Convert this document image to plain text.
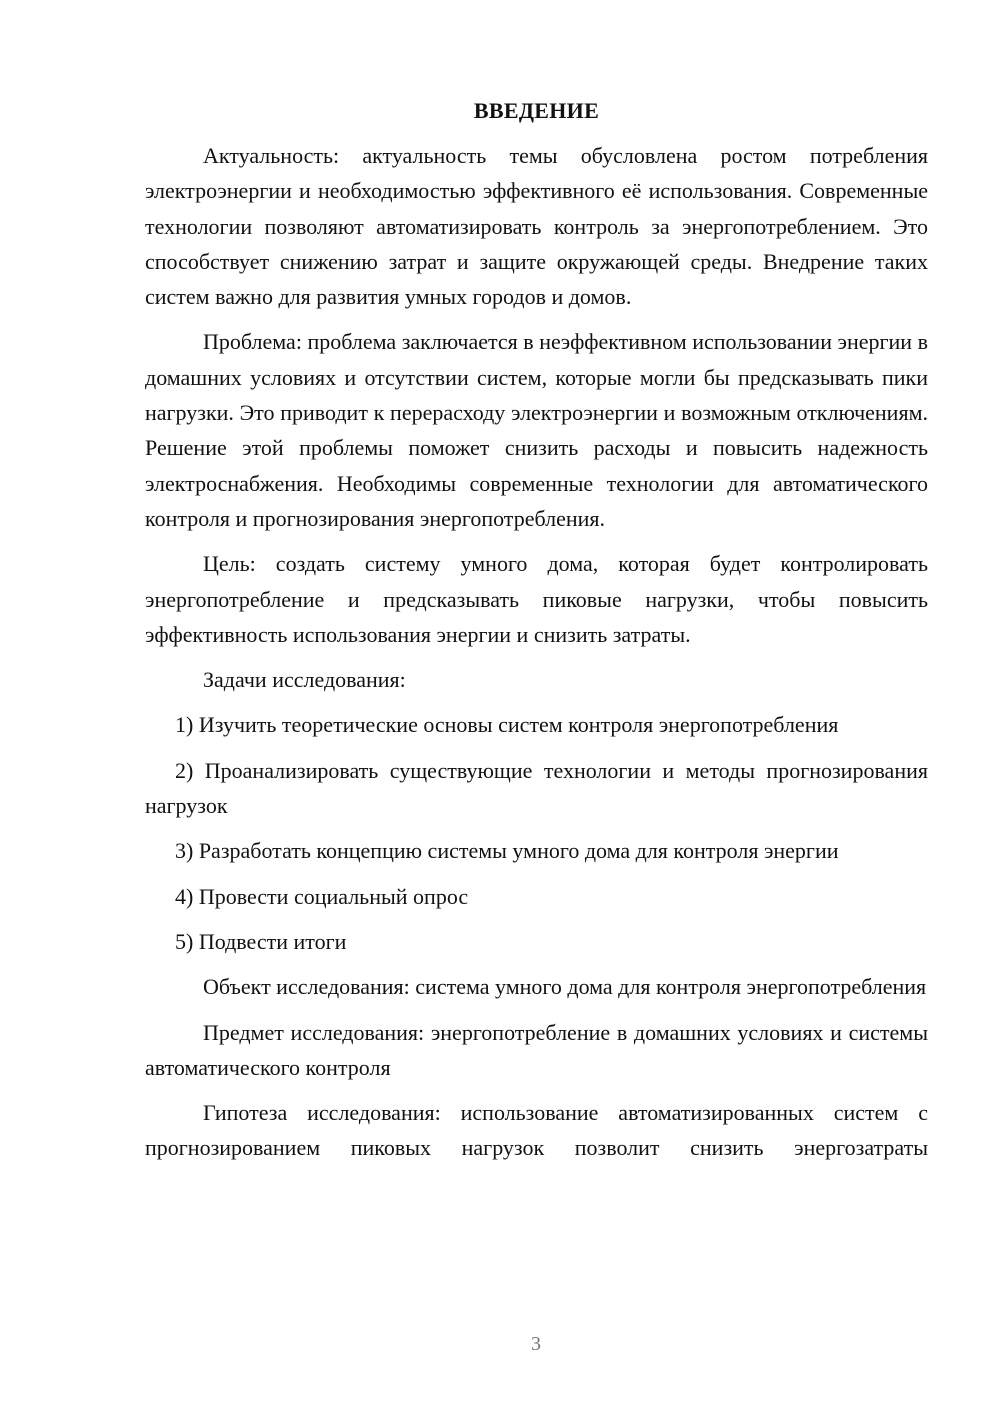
ВВЕДЕНИЕ

Актуальность: актуальность темы обусловлена ростом потребления электроэнергии и необходимостью эффективного её использования. Современные технологии позволяют автоматизировать контроль за энергопотреблением. Это способствует снижению затрат и защите окружающей среды. Внедрение таких систем важно для развития умных городов и домов.

Проблема: проблема заключается в неэффективном использовании энергии в домашних условиях и отсутствии систем, которые могли бы предсказывать пики нагрузки. Это приводит к перерасходу электроэнергии и возможным отключениям. Решение этой проблемы поможет снизить расходы и повысить надежность электроснабжения. Необходимы современные технологии для автоматического контроля и прогнозирования энергопотребления.

Цель: создать систему умного дома, которая будет контролировать энергопотребление и предсказывать пиковые нагрузки, чтобы повысить эффективность использования энергии и снизить затраты.

Задачи исследования:

1) Изучить теоретические основы систем контроля энергопотребления

2) Проанализировать существующие технологии и методы прогнозирования нагрузок

3) Разработать концепцию системы умного дома для контроля энергии

4) Провести социальный опрос

5) Подвести итоги

Объект исследования: система умного дома для контроля энергопотребления

Предмет исследования: энергопотребление в домашних условиях и системы автоматического контроля

Гипотеза исследования: использование автоматизированных систем с прогнозированием пиковых нагрузок позволит снизить энергозатраты

3
